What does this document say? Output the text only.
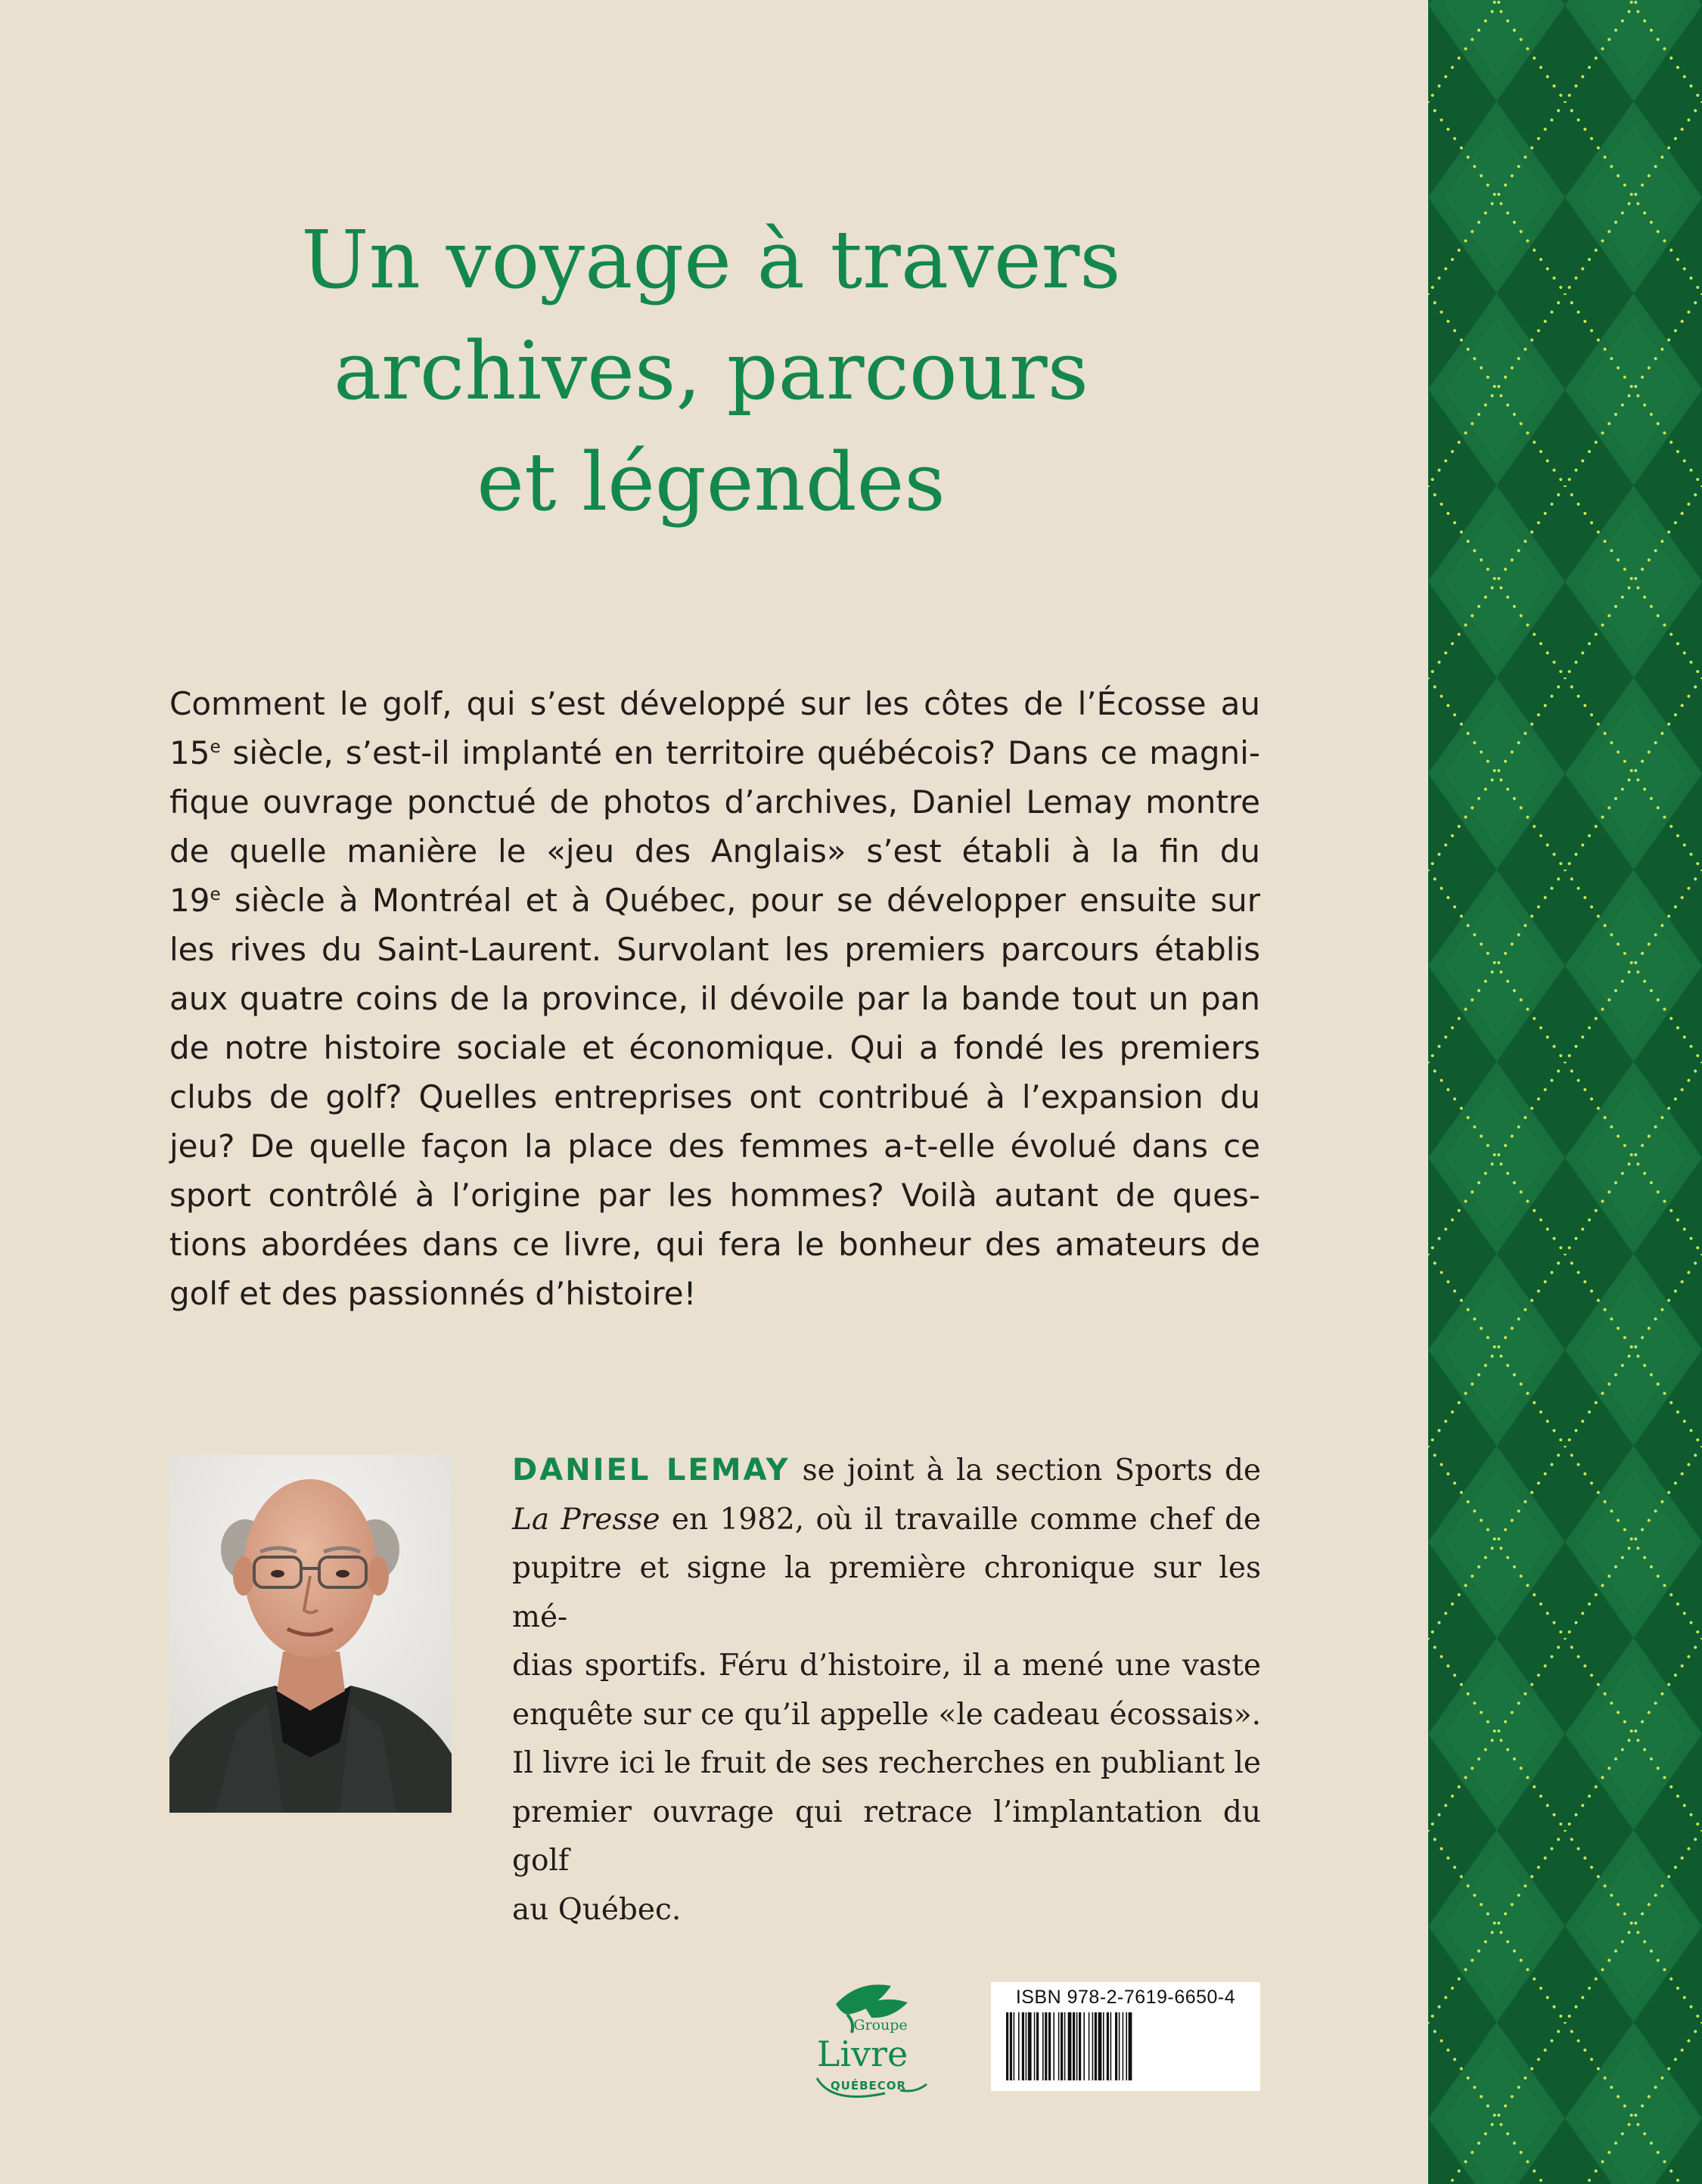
Un voyage à travers
archives, parcours
et légendes
Comment le golf, qui s’est développé sur les côtes de l’Écosse au
15e siècle, s’est-il implanté en territoire québécois? Dans ce magni-
fique ouvrage ponctué de photos d’archives, Daniel Lemay montre
de quelle manière le «jeu des Anglais» s’est établi à la fin du
19e siècle à Montréal et à Québec, pour se développer ensuite sur
les rives du Saint-Laurent. Survolant les premiers parcours établis
aux quatre coins de la province, il dévoile par la bande tout un pan
de notre histoire sociale et économique. Qui a fondé les premiers
clubs de golf? Quelles entreprises ont contribué à l’expansion du
jeu? De quelle façon la place des femmes a-t-elle évolué dans ce
sport contrôlé à l’origine par les hommes? Voilà autant de ques-
tions abordées dans ce livre, qui fera le bonheur des amateurs de
golf et des passionnés d’histoire!
DANIEL LEMAY se joint à la section Sports de
La Presse en 1982, où il travaille comme chef de
pupitre et signe la première chronique sur les mé-
dias sportifs. Féru d’histoire, il a mené une vaste
enquête sur ce qu’il appelle «le cadeau écossais».
Il livre ici le fruit de ses recherches en publiant le
premier ouvrage qui retrace l’implantation du golf
au Québec.
Groupe
Livre
QUÉBECOR
ISBN 978-2-7619-6650-4
